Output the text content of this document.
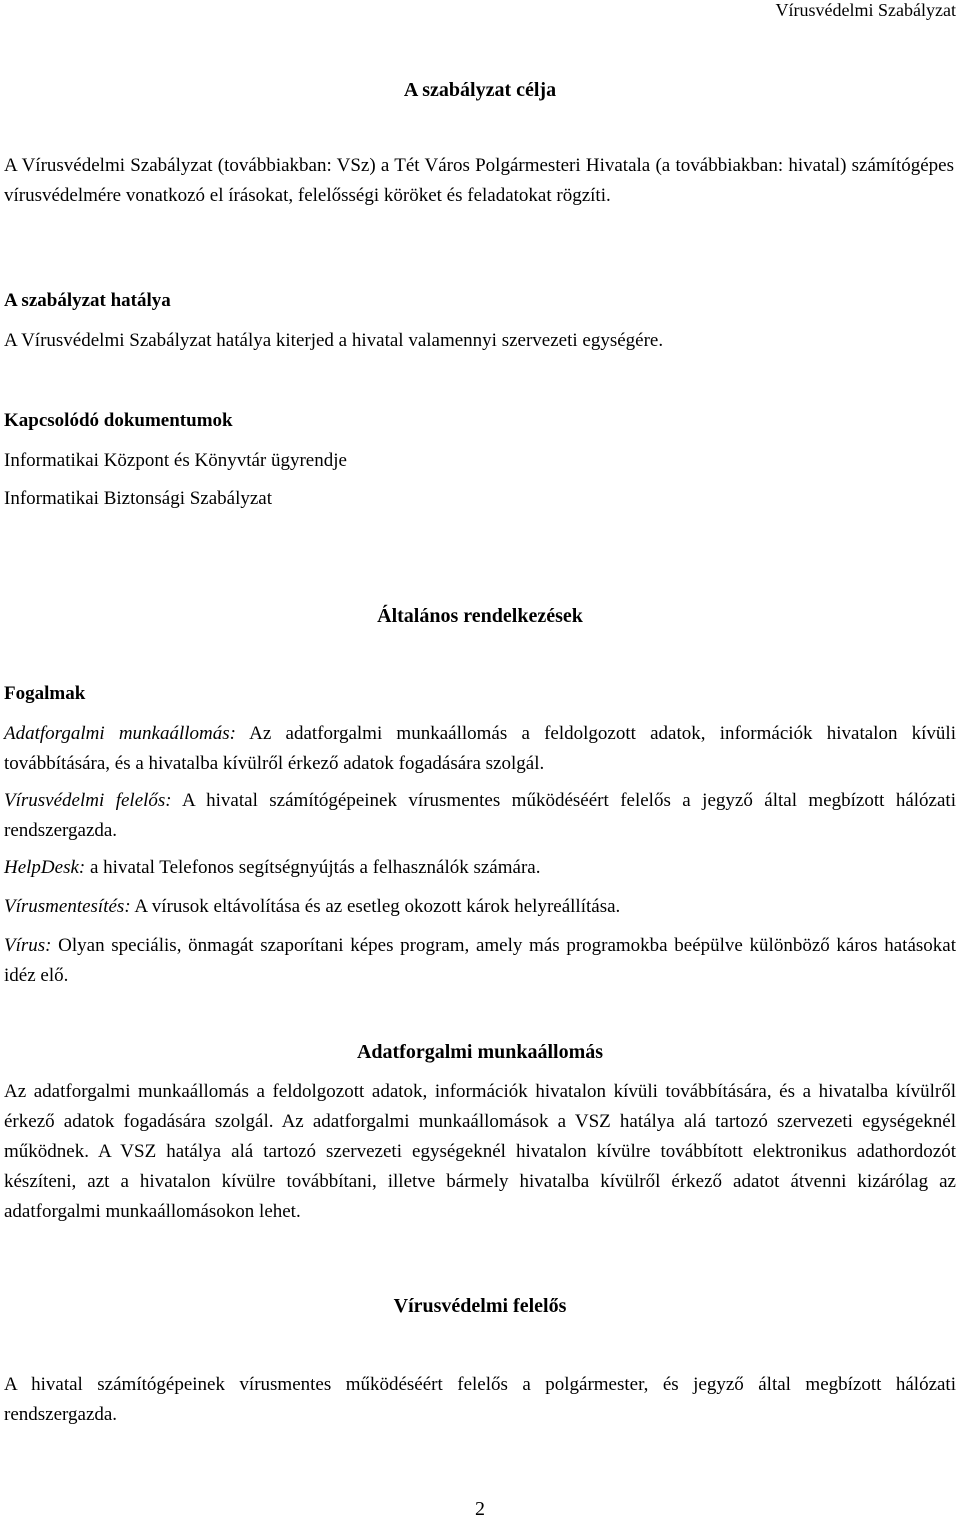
Vírusvédelmi Szabályzat
A szabályzat célja
A Vírusvédelmi Szabályzat (továbbiakban: VSz) a Tét Város Polgármesteri Hivatala (a továbbiakban: hivatal) számítógépes vírusvédelmére vonatkozó el írásokat, felelősségi köröket és feladatokat rögzíti.
A szabályzat hatálya
A Vírusvédelmi Szabályzat hatálya kiterjed a hivatal valamennyi szervezeti egységére.
Kapcsolódó dokumentumok
Informatikai Központ és Könyvtár ügyrendje
Informatikai Biztonsági Szabályzat
Általános rendelkezések
Fogalmak
Adatforgalmi munkaállomás: Az adatforgalmi munkaállomás a feldolgozott adatok, információk hivatalon kívüli továbbítására, és a hivatalba kívülről érkező adatok fogadására szolgál.
Vírusvédelmi felelős: A hivatal számítógépeinek vírusmentes működéséért felelős a jegyző által megbízott hálózati rendszergazda.
HelpDesk: a hivatal Telefonos segítségnyújtás a felhasználók számára.
Vírusmentesítés: A vírusok eltávolítása és az esetleg okozott károk helyreállítása.
Vírus: Olyan speciális, önmagát szaporítani képes program, amely más programokba beépülve különböző káros hatásokat idéz elő.
Adatforgalmi munkaállomás
Az adatforgalmi munkaállomás a feldolgozott adatok, információk hivatalon kívüli továbbítására, és a hivatalba kívülről érkező adatok fogadására szolgál. Az adatforgalmi munkaállomások a VSZ hatálya alá tartozó szervezeti egységeknél működnek. A VSZ hatálya alá tartozó szervezeti egységeknél hivatalon kívülre továbbított elektronikus adathordozót készíteni, azt a hivatalon kívülre továbbítani, illetve bármely hivatalba kívülről érkező adatot átvenni kizárólag az adatforgalmi munkaállomásokon lehet.
Vírusvédelmi felelős
A hivatal számítógépeinek vírusmentes működéséért felelős a polgármester, és jegyző által megbízott hálózati rendszergazda.
2
